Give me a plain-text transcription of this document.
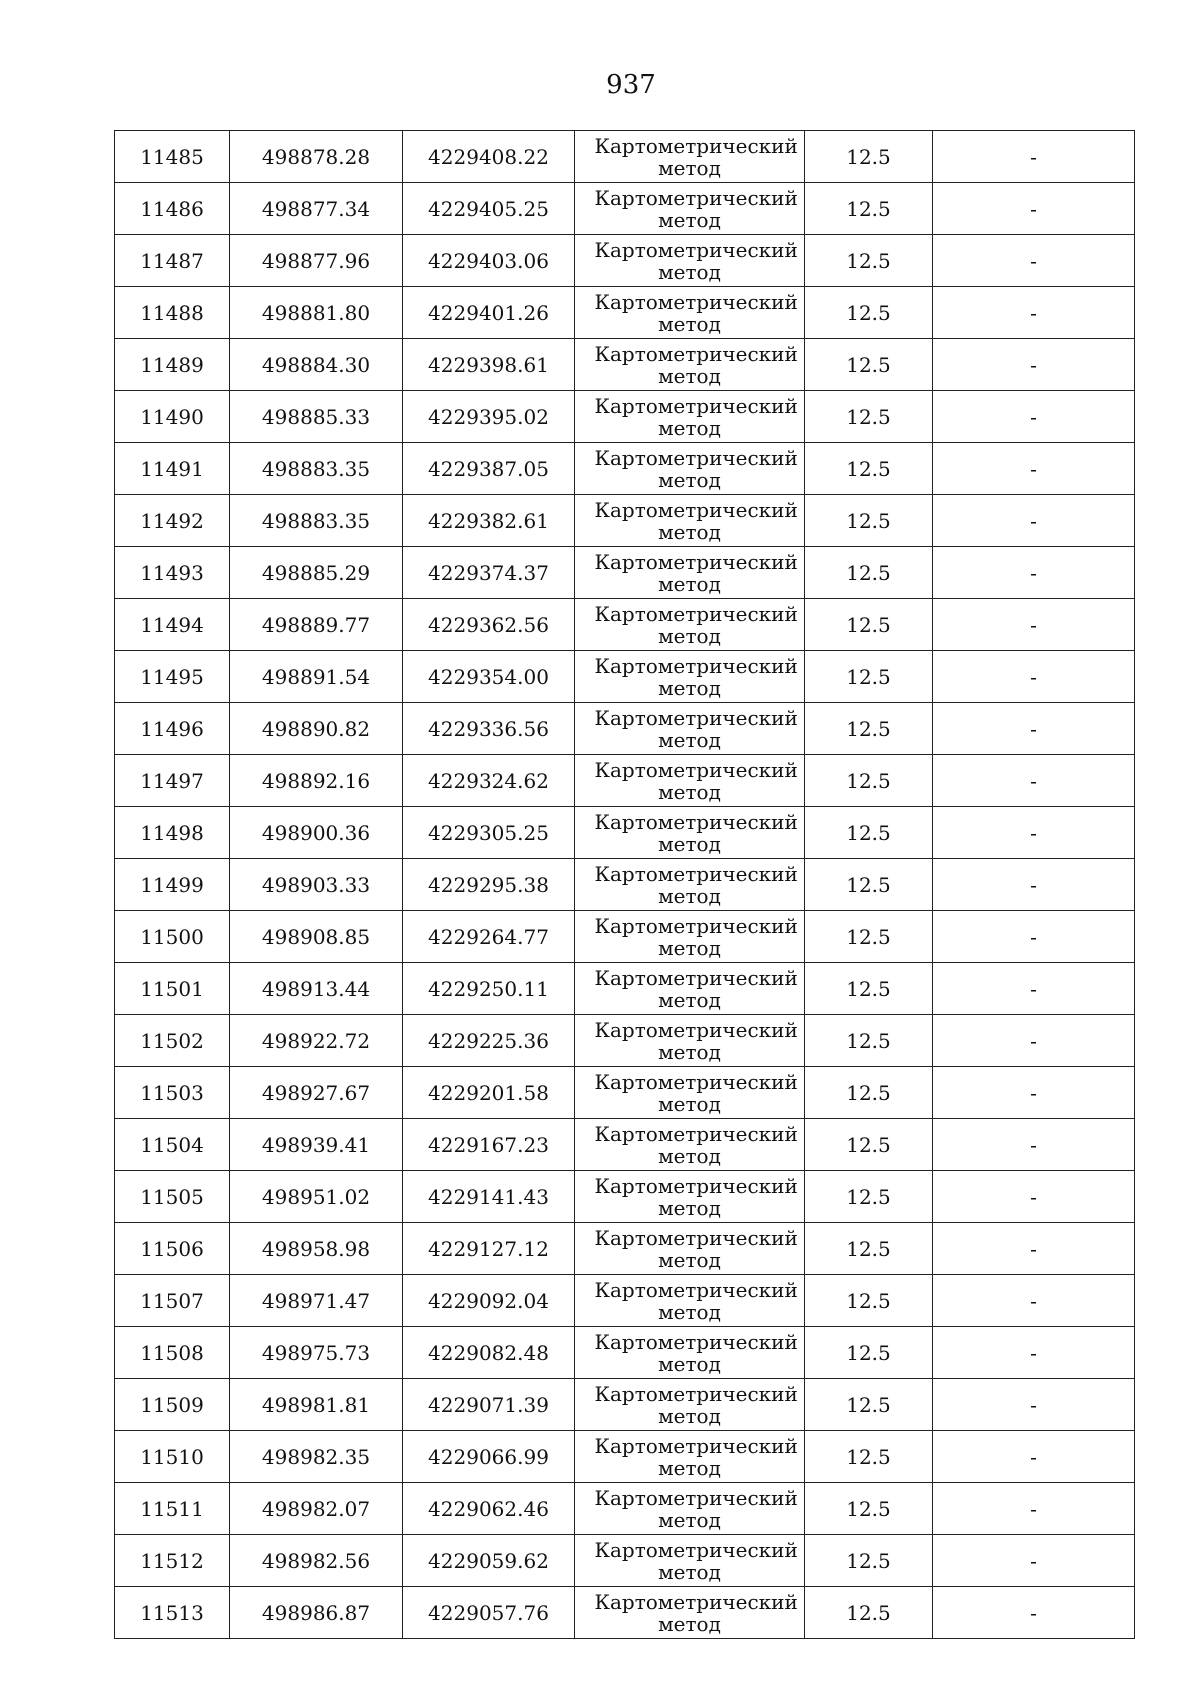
937
11485	498878.28	4229408.22	Картометрический метод	12.5	-
11486	498877.34	4229405.25	Картометрический метод	12.5	-
11487	498877.96	4229403.06	Картометрический метод	12.5	-
11488	498881.80	4229401.26	Картометрический метод	12.5	-
11489	498884.30	4229398.61	Картометрический метод	12.5	-
11490	498885.33	4229395.02	Картометрический метод	12.5	-
11491	498883.35	4229387.05	Картометрический метод	12.5	-
11492	498883.35	4229382.61	Картометрический метод	12.5	-
11493	498885.29	4229374.37	Картометрический метод	12.5	-
11494	498889.77	4229362.56	Картометрический метод	12.5	-
11495	498891.54	4229354.00	Картометрический метод	12.5	-
11496	498890.82	4229336.56	Картометрический метод	12.5	-
11497	498892.16	4229324.62	Картометрический метод	12.5	-
11498	498900.36	4229305.25	Картометрический метод	12.5	-
11499	498903.33	4229295.38	Картометрический метод	12.5	-
11500	498908.85	4229264.77	Картометрический метод	12.5	-
11501	498913.44	4229250.11	Картометрический метод	12.5	-
11502	498922.72	4229225.36	Картометрический метод	12.5	-
11503	498927.67	4229201.58	Картометрический метод	12.5	-
11504	498939.41	4229167.23	Картометрический метод	12.5	-
11505	498951.02	4229141.43	Картометрический метод	12.5	-
11506	498958.98	4229127.12	Картометрический метод	12.5	-
11507	498971.47	4229092.04	Картометрический метод	12.5	-
11508	498975.73	4229082.48	Картометрический метод	12.5	-
11509	498981.81	4229071.39	Картометрический метод	12.5	-
11510	498982.35	4229066.99	Картометрический метод	12.5	-
11511	498982.07	4229062.46	Картометрический метод	12.5	-
11512	498982.56	4229059.62	Картометрический метод	12.5	-
11513	498986.87	4229057.76	Картометрический метод	12.5	-
